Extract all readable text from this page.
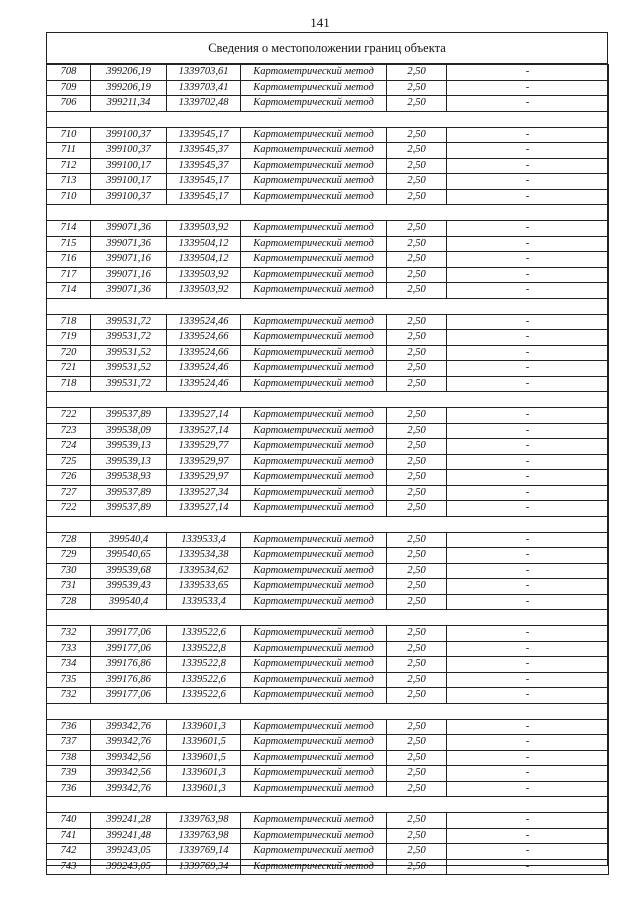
141
Сведения о местоположении границ объекта
708	399206,19	1339703,61	Картометрический метод	2,50	-
709	399206,19	1339703,41	Картометрический метод	2,50	-
706	399211,34	1339702,48	Картометрический метод	2,50	-

710	399100,37	1339545,17	Картометрический метод	2,50	-
711	399100,37	1339545,37	Картометрический метод	2,50	-
712	399100,17	1339545,37	Картометрический метод	2,50	-
713	399100,17	1339545,17	Картометрический метод	2,50	-
710	399100,37	1339545,17	Картометрический метод	2,50	-

714	399071,36	1339503,92	Картометрический метод	2,50	-
715	399071,36	1339504,12	Картометрический метод	2,50	-
716	399071,16	1339504,12	Картометрический метод	2,50	-
717	399071,16	1339503,92	Картометрический метод	2,50	-
714	399071,36	1339503,92	Картометрический метод	2,50	-

718	399531,72	1339524,46	Картометрический метод	2,50	-
719	399531,72	1339524,66	Картометрический метод	2,50	-
720	399531,52	1339524,66	Картометрический метод	2,50	-
721	399531,52	1339524,46	Картометрический метод	2,50	-
718	399531,72	1339524,46	Картометрический метод	2,50	-

722	399537,89	1339527,14	Картометрический метод	2,50	-
723	399538,09	1339527,14	Картометрический метод	2,50	-
724	399539,13	1339529,77	Картометрический метод	2,50	-
725	399539,13	1339529,97	Картометрический метод	2,50	-
726	399538,93	1339529,97	Картометрический метод	2,50	-
727	399537,89	1339527,34	Картометрический метод	2,50	-
722	399537,89	1339527,14	Картометрический метод	2,50	-

728	399540,4	1339533,4	Картометрический метод	2,50	-
729	399540,65	1339534,38	Картометрический метод	2,50	-
730	399539,68	1339534,62	Картометрический метод	2,50	-
731	399539,43	1339533,65	Картометрический метод	2,50	-
728	399540,4	1339533,4	Картометрический метод	2,50	-

732	399177,06	1339522,6	Картометрический метод	2,50	-
733	399177,06	1339522,8	Картометрический метод	2,50	-
734	399176,86	1339522,8	Картометрический метод	2,50	-
735	399176,86	1339522,6	Картометрический метод	2,50	-
732	399177,06	1339522,6	Картометрический метод	2,50	-

736	399342,76	1339601,3	Картометрический метод	2,50	-
737	399342,76	1339601,5	Картометрический метод	2,50	-
738	399342,56	1339601,5	Картометрический метод	2,50	-
739	399342,56	1339601,3	Картометрический метод	2,50	-
736	399342,76	1339601,3	Картометрический метод	2,50	-

740	399241,28	1339763,98	Картометрический метод	2,50	-
741	399241,48	1339763,98	Картометрический метод	2,50	-
742	399243,05	1339769,14	Картометрический метод	2,50	-
743	399243,05	1339769,34	Картометрический метод	2,50	-
